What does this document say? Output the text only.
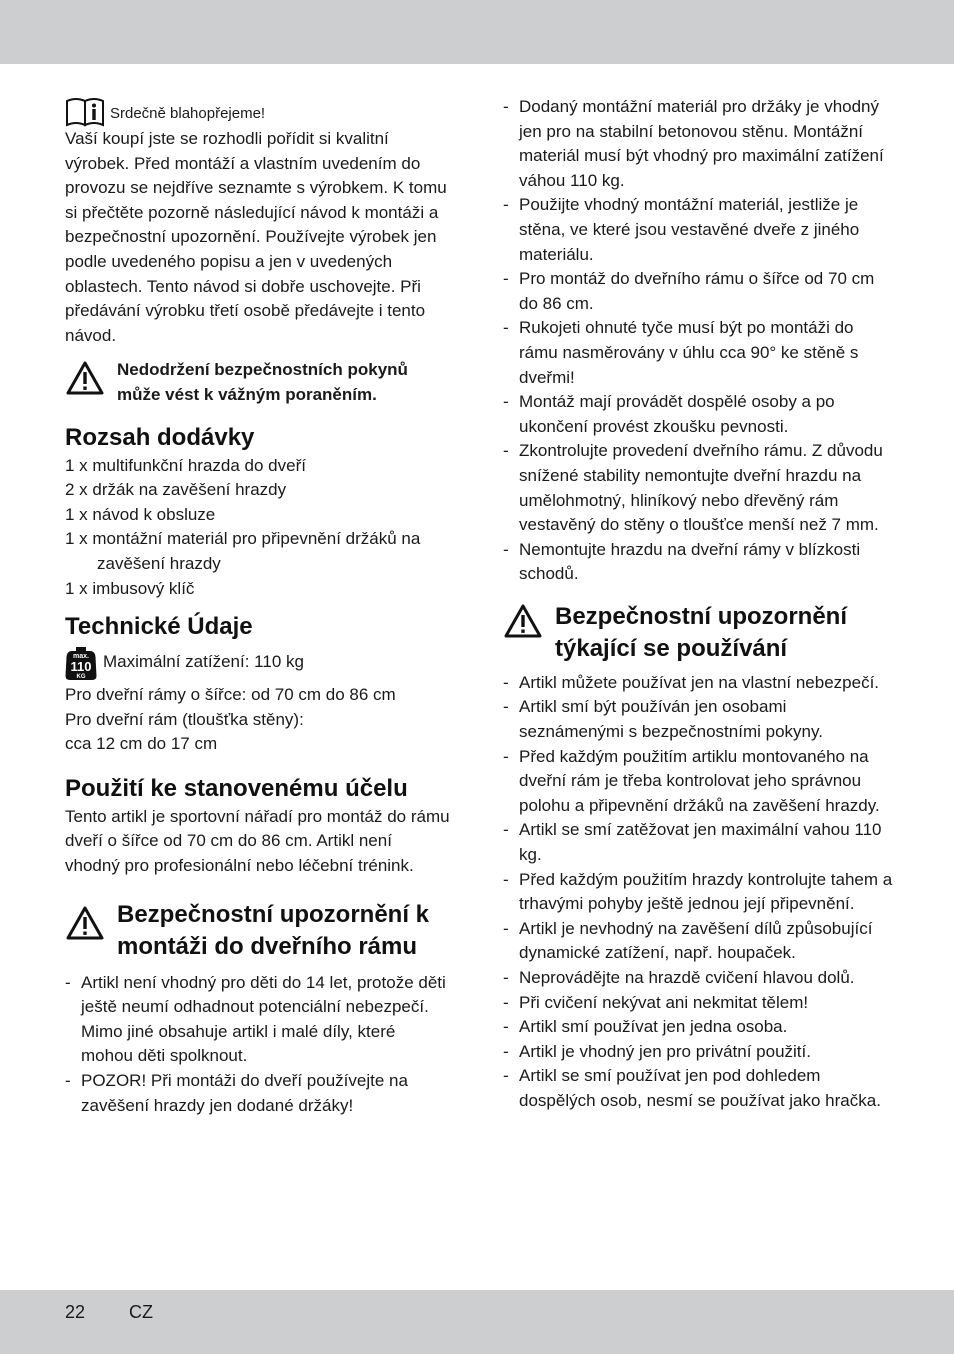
Srdečně blahopřejeme!

Vaší koupí jste se rozhodli pořídit si kvalitní výrobek. Před montáží a vlastním uvedením do provozu se nejdříve seznamte s výrobkem. K tomu si přečtěte pozorně následující návod k montáži a bezpečnostní upozornění. Používejte výrobek jen podle uvedeného popisu a jen v uvedených oblastech. Tento návod si dobře uschovejte. Při předávání výrobku třetí osobě předávejte i tento návod.

Nedodržení bezpečnostních pokynů může vést k vážným poraněním.
Rozsah dodávky
1 x multifunkční hrazda do dveří
2 x držák na zavěšení hrazdy
1 x návod k obsluze
1 x montážní materiál pro připevnění držáků na zavěšení hrazdy
1 x imbusový klíč
Technické Údaje
max.
110
KG
Maximální zatížení: 110 kg

Pro dveřní rámy o šířce: od 70 cm do 86 cm

Pro dveřní rám (tloušťka stěny):

cca 12 cm do 17 cm

Použití ke stanovenému účelu

Tento artikl je sportovní nářadí pro montáž do rámu dveří o šířce od 70 cm do 86 cm. Artikl není vhodný pro profesionální nebo léčební trénink.

Bezpečnostní upozornění k montáži do dveřního rámu
- Artikl není vhodný pro děti do 14 let, protože děti ještě neumí odhadnout potenciální nebezpečí. Mimo jiné obsahuje artikl i malé díly, které mohou děti spolknout.
- POZOR! Při montáži do dveří používejte na zavěšení hrazdy jen dodané držáky!
- Dodaný montážní materiál pro držáky je vhodný jen pro na stabilní betonovou stěnu. Montážní materiál musí být vhodný pro maximální zatížení váhou 110 kg.
- Použijte vhodný montážní materiál, jestliže je stěna, ve které jsou vestavěné dveře z jiného materiálu.
- Pro montáž do dveřního rámu o šířce od 70 cm do 86 cm.
- Rukojeti ohnuté tyče musí být po montáži do rámu nasměrovány v úhlu cca 90° ke stěně s dveřmi!
- Montáž mají provádět dospělé osoby a po ukončení provést zkoušku pevnosti.
- Zkontrolujte provedení dveřního rámu. Z důvodu snížené stability nemontujte dveřní hrazdu na umělohmotný, hliníkový nebo dřevěný rám vestavěný do stěny o tloušťce menší než 7 mm.
- Nemontujte hrazdu na dveřní rámy v blízkosti schodů.
Bezpečnostní upozornění týkající se používání
- Artikl můžete používat jen na vlastní nebezpečí.
- Artikl smí být používán jen osobami seznámenými s bezpečnostními pokyny.
- Před každým použitím artiklu montovaného na dveřní rám je třeba kontrolovat jeho správnou polohu a připevnění držáků na zavěšení hrazdy.
- Artikl se smí zatěžovat jen maximální vahou 110 kg.
- Před každým použitím hrazdy kontrolujte tahem a trhavými pohyby ještě jednou její připevnění.
- Artikl je nevhodný na zavěšení dílů způsobující dynamické zatížení, např. houpaček.
- Neprovádějte na hrazdě cvičení hlavou dolů.
- Při cvičení nekývat ani nekmitat tělem!
- Artikl smí používat jen jedna osoba.
- Artikl je vhodný jen pro privátní použití.
- Artikl se smí používat jen pod dohledem dospělých osob, nesmí se používat jako hračka.
22 CZ
